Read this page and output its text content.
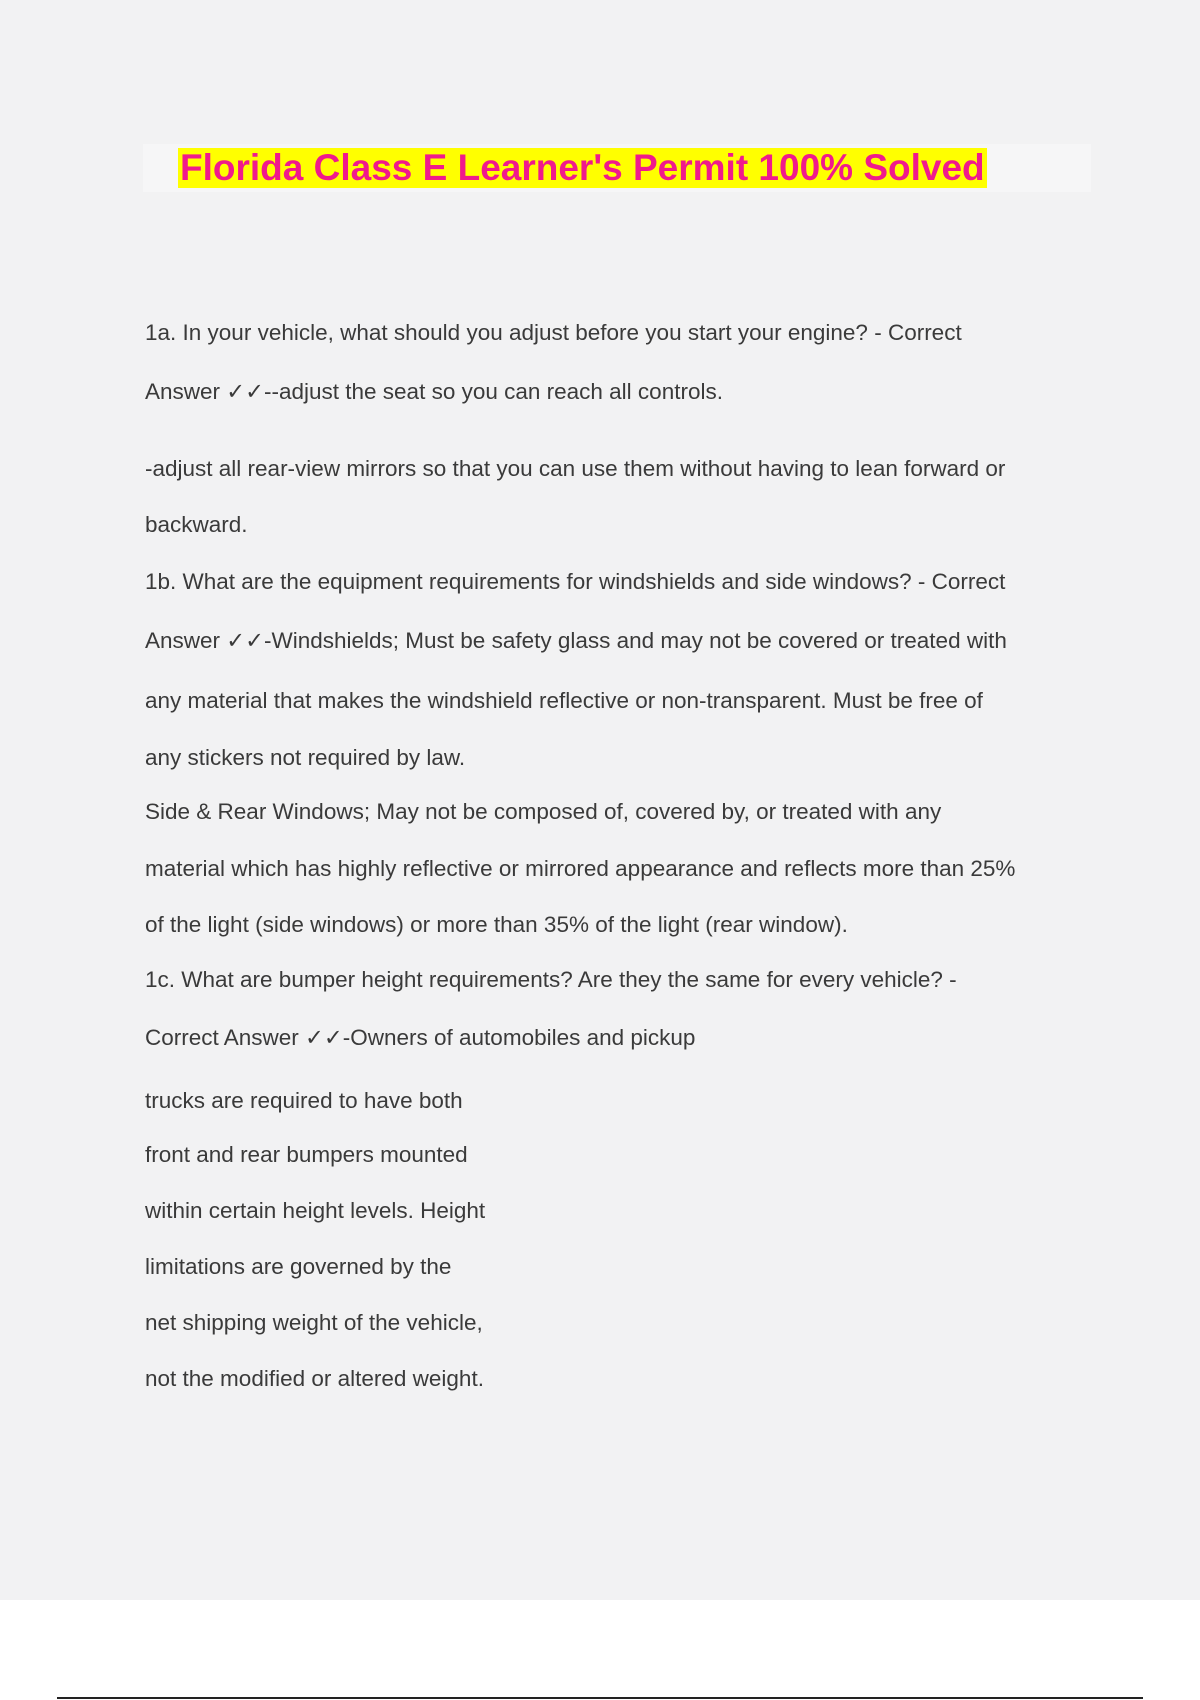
Florida Class E Learner's Permit 100% Solved
1a. In your vehicle, what should you adjust before you start your engine? - Correct
Answer ✓✓--adjust the seat so you can reach all controls.
-adjust all rear-view mirrors so that you can use them without having to lean forward or
backward.
1b. What are the equipment requirements for windshields and side windows? - Correct
Answer ✓✓-Windshields; Must be safety glass and may not be covered or treated with
any material that makes the windshield reflective or non-transparent. Must be free of
any stickers not required by law.
Side & Rear Windows; May not be composed of, covered by, or treated with any
material which has highly reflective or mirrored appearance and reflects more than 25%
of the light (side windows) or more than 35% of the light (rear window).
1c. What are bumper height requirements? Are they the same for every vehicle? -
Correct Answer ✓✓-Owners of automobiles and pickup
trucks are required to have both
front and rear bumpers mounted
within certain height levels. Height
limitations are governed by the
net shipping weight of the vehicle,
not the modified or altered weight.
